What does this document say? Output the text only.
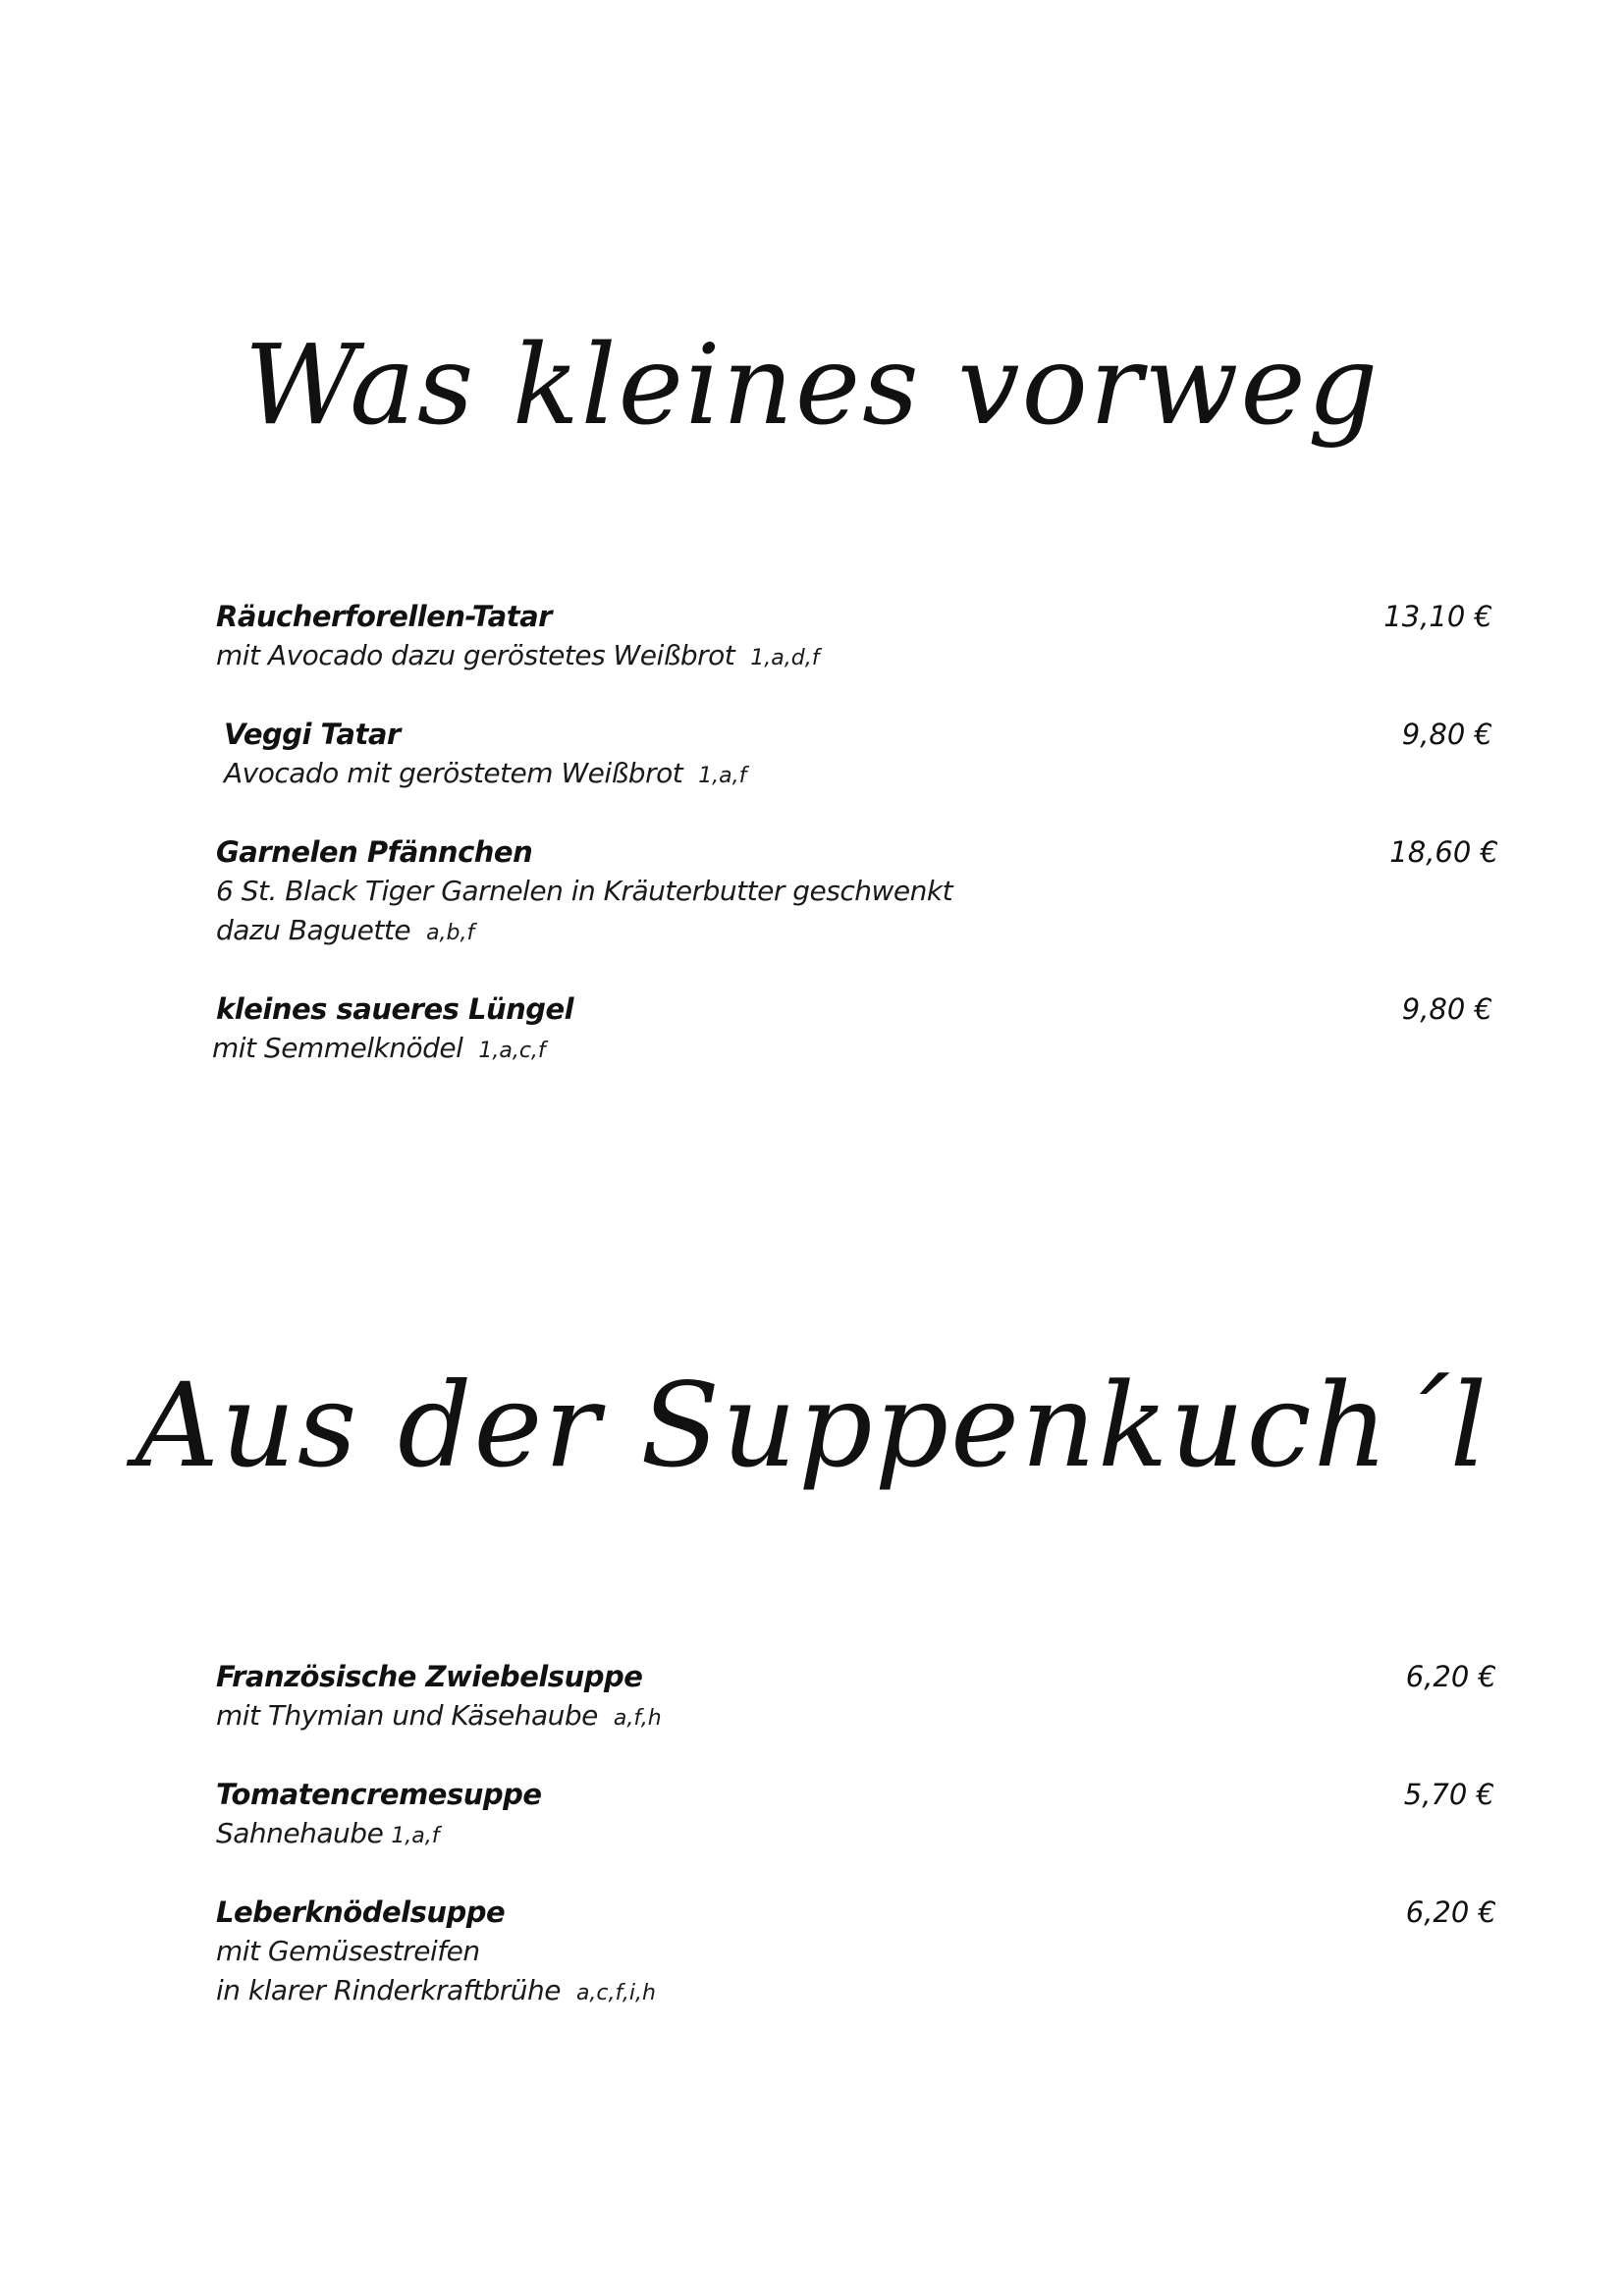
Was kleines vorweg
Räucherforellen-Tatar	13,10 €
mit Avocado dazu geröstetes Weißbrot 1,a,d,f
Veggi Tatar	9,80 €
Avocado mit geröstetem Weißbrot 1,a,f
Garnelen Pfännchen	18,60 €
6 St. Black Tiger Garnelen in Kräuterbutter geschwenkt
dazu Baguette a,b,f
kleines saueres Lüngel	9,80 €
mit Semmelknödel 1,a,c,f
Aus der Suppenkuch´l
Französische Zwiebelsuppe	6,20 €
mit Thymian und Käsehaube a,f,h
Tomatencremesuppe	5,70 €
Sahnehaube 1,a,f
Leberknödelsuppe	6,20 €
mit Gemüsestreifen
in klarer Rinderkraftbrühe a,c,f,i,h
